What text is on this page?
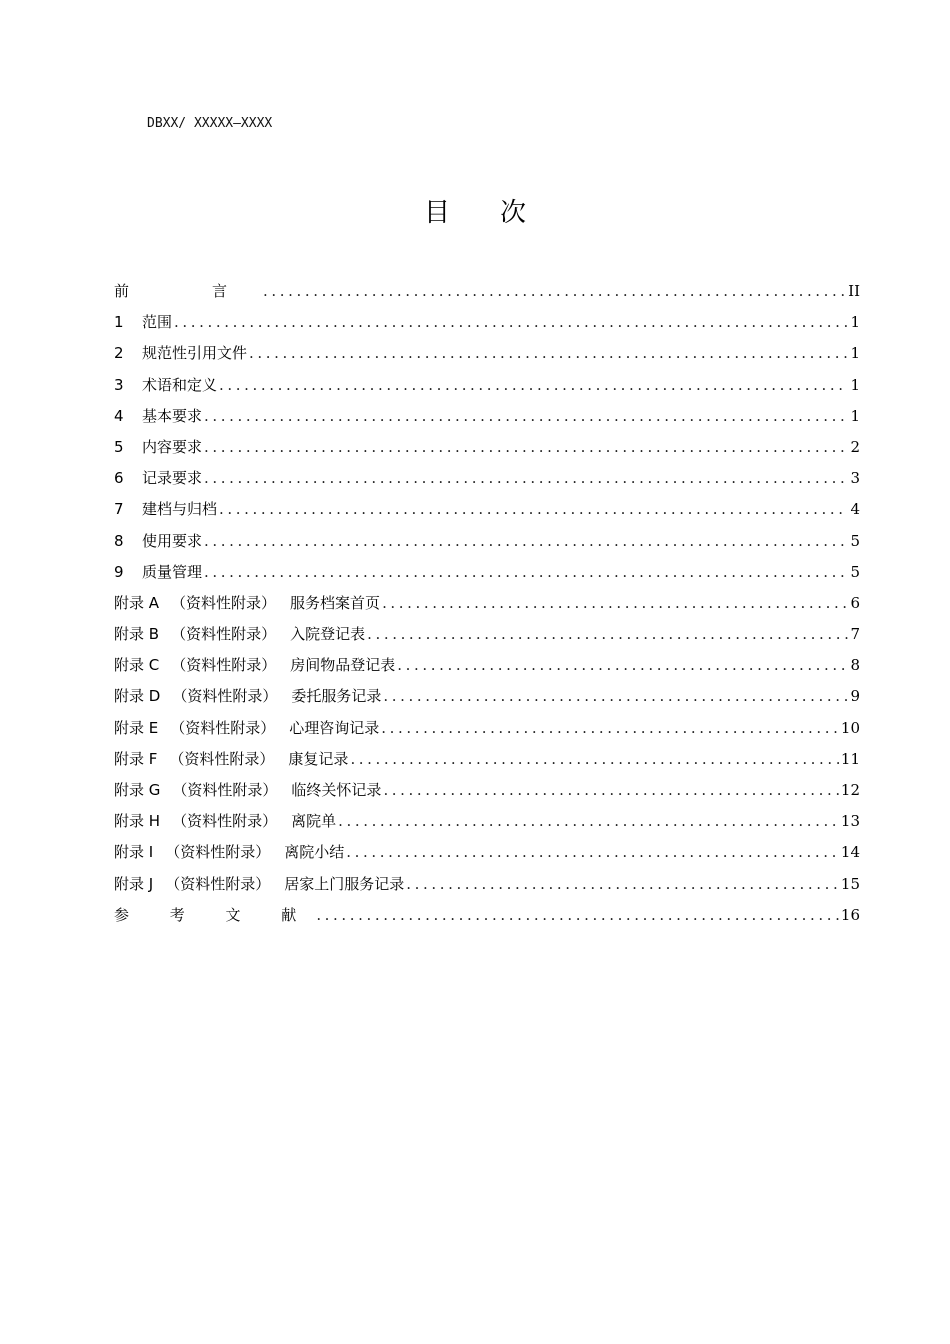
DBXX/ XXXXX—XXXX
目 次
前　言 .....	II
1	范围 .....	1
2	规范性引用文件 .....	1
3	术语和定义 .....	1
4	基本要求 .....	1
5	内容要求 .....	2
6	记录要求 .....	3
7	建档与归档 .....	4
8	使用要求 .....	5
9	质量管理 .....	5
附录 A （资料性附录） 服务档案首页 .....	6
附录 B （资料性附录） 入院登记表 .....	7
附录 C （资料性附录） 房间物品登记表 .....	8
附录 D （资料性附录） 委托服务记录 .....	9
附录 E （资料性附录） 心理咨询记录 .....	10
附录 F （资料性附录） 康复记录 .....	11
附录 G （资料性附录） 临终关怀记录 .....	12
附录 H （资料性附录） 离院单 .....	13
附录 I （资料性附录） 离院小结 .....	14
附录 J （资料性附录） 居家上门服务记录 .....	15
参 考 文 献 .....	16
